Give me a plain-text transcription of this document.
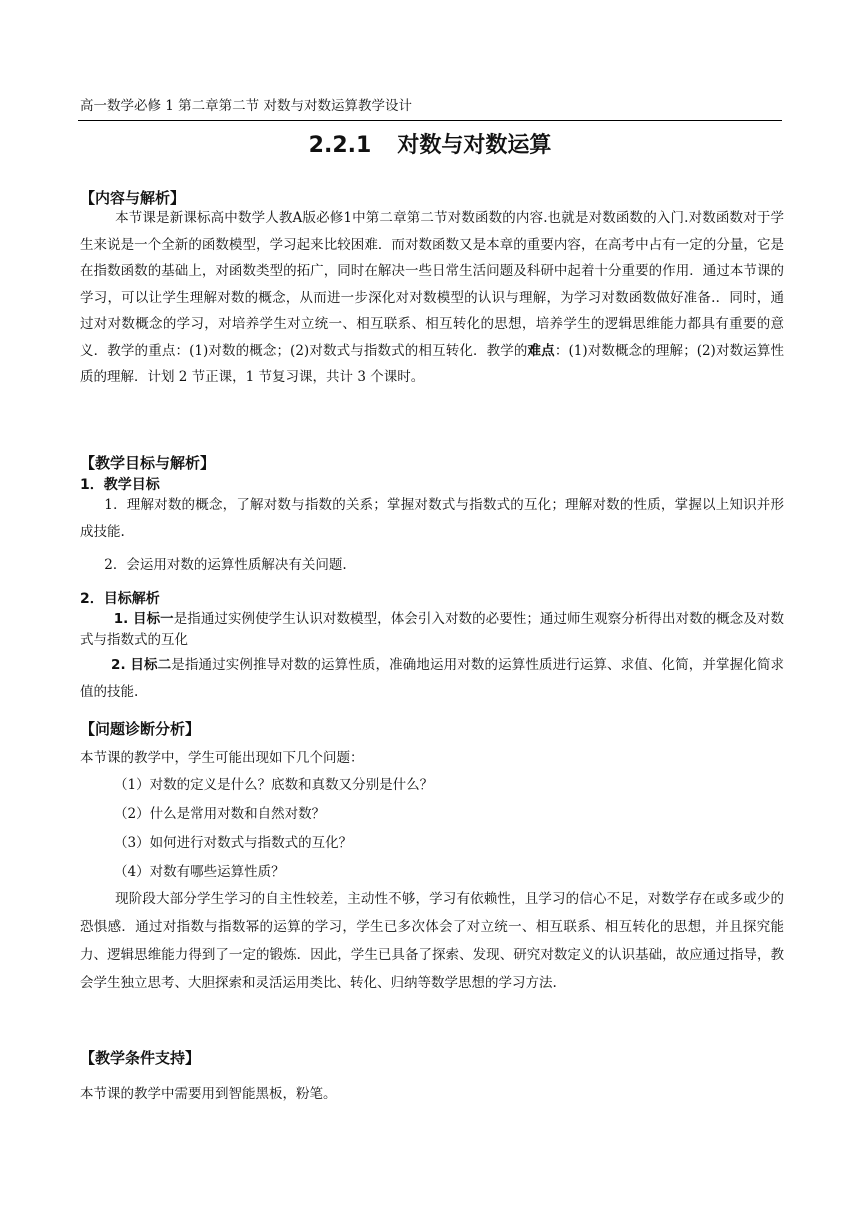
高一数学必修 1 第二章第二节 对数与对数运算教学设计
2.2.1 对数与对数运算
【内容与解析】
本节课是新课标高中数学人教A版必修1中第二章第二节对数函数的内容.也就是对数函数的入门.对数函数对于学生来说是一个全新的函数模型，学习起来比较困难．而对数函数又是本章的重要内容，在高考中占有一定的分量，它是在指数函数的基础上，对函数类型的拓广，同时在解决一些日常生活问题及科研中起着十分重要的作用．通过本节课的学习，可以让学生理解对数的概念，从而进一步深化对对数模型的认识与理解，为学习对数函数做好准备.．同时，通过对对数概念的学习，对培养学生对立统一、相互联系、相互转化的思想，培养学生的逻辑思维能力都具有重要的意义．教学的重点：(1)对数的概念；(2)对数式与指数式的相互转化．教学的难点：(1)对数概念的理解；(2)对数运算性质的理解．计划 2 节正课，1 节复习课，共计 3 个课时。
【教学目标与解析】
1．教学目标
1．理解对数的概念，了解对数与指数的关系；掌握对数式与指数式的互化；理解对数的性质，掌握以上知识并形成技能.
2．会运用对数的运算性质解决有关问题.
2．目标解析
1. 目标一是指通过实例使学生认识对数模型，体会引入对数的必要性；通过师生观察分析得出对数的概念及对数式与指数式的互化
2. 目标二是指通过实例推导对数的运算性质，准确地运用对数的运算性质进行运算、求值、化简，并掌握化简求值的技能.
【问题诊断分析】
本节课的教学中，学生可能出现如下几个问题：
（1）对数的定义是什么？底数和真数又分别是什么？
（2）什么是常用对数和自然对数？
（3）如何进行对数式与指数式的互化？
（4）对数有哪些运算性质？
现阶段大部分学生学习的自主性较差，主动性不够，学习有依赖性，且学习的信心不足，对数学存在或多或少的恐惧感．通过对指数与指数幂的运算的学习，学生已多次体会了对立统一、相互联系、相互转化的思想，并且探究能力、逻辑思维能力得到了一定的锻炼．因此，学生已具备了探索、发现、研究对数定义的认识基础，故应通过指导，教会学生独立思考、大胆探索和灵活运用类比、转化、归纳等数学思想的学习方法.
【教学条件支持】
本节课的教学中需要用到智能黑板，粉笔。
